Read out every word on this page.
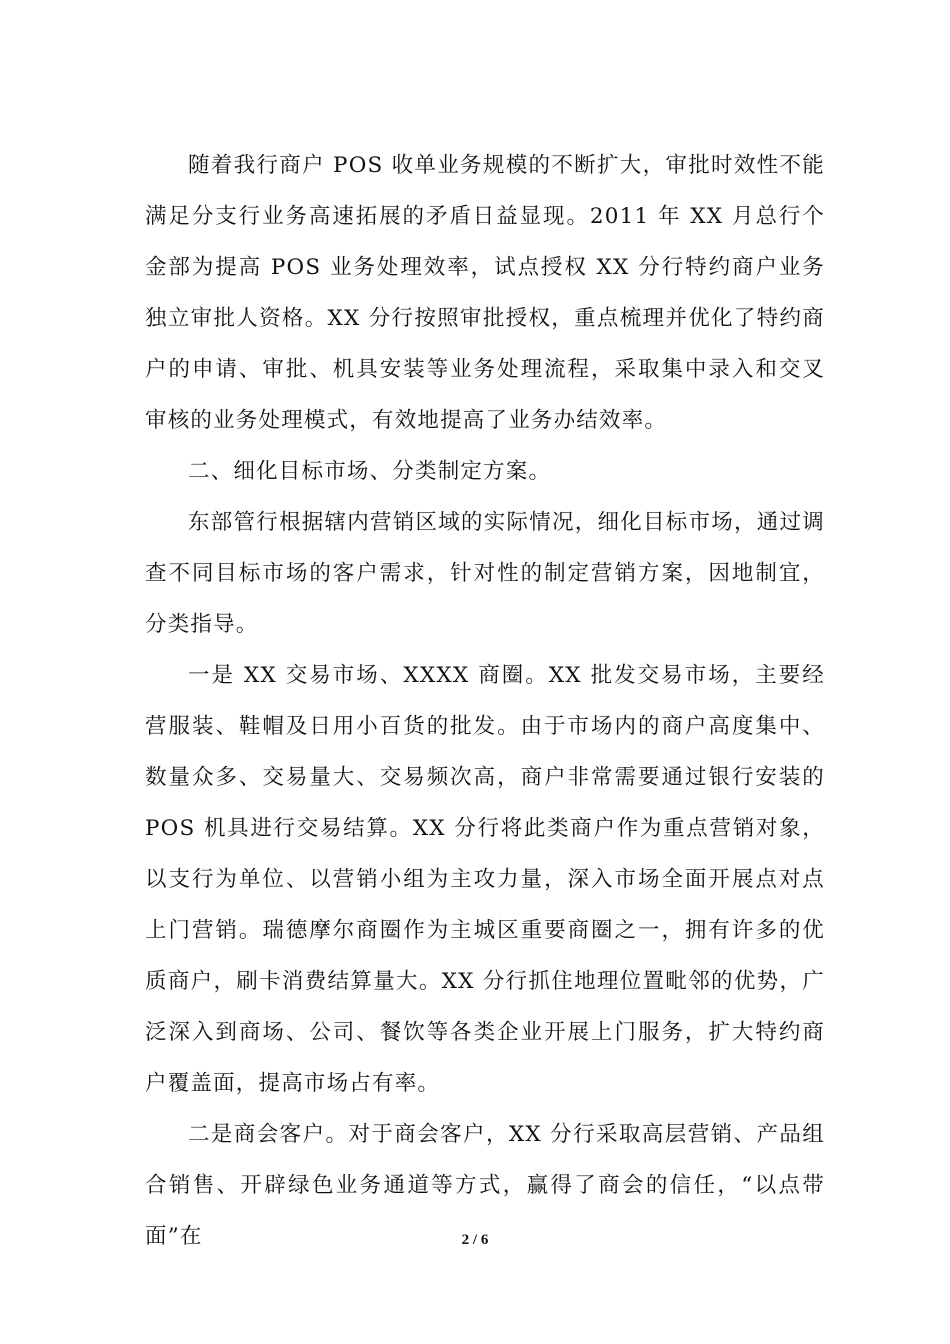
随着我行商户 POS 收单业务规模的不断扩大，审批时效性不能满足分支行业务高速拓展的矛盾日益显现。2011 年 XX 月总行个金部为提高 POS 业务处理效率，试点授权 XX 分行特约商户业务独立审批人资格。XX 分行按照审批授权，重点梳理并优化了特约商户的申请、审批、机具安装等业务处理流程，采取集中录入和交叉审核的业务处理模式，有效地提高了业务办结效率。

二、细化目标市场、分类制定方案。

东部管行根据辖内营销区域的实际情况，细化目标市场，通过调查不同目标市场的客户需求，针对性的制定营销方案，因地制宜，分类指导。

一是 XX 交易市场、XXXX 商圈。XX 批发交易市场，主要经营服装、鞋帽及日用小百货的批发。由于市场内的商户高度集中、数量众多、交易量大、交易频次高，商户非常需要通过银行安装的 POS 机具进行交易结算。XX 分行将此类商户作为重点营销对象，以支行为单位、以营销小组为主攻力量，深入市场全面开展点对点上门营销。瑞德摩尔商圈作为主城区重要商圈之一，拥有许多的优质商户，刷卡消费结算量大。XX 分行抓住地理位置毗邻的优势，广泛深入到商场、公司、餐饮等各类企业开展上门服务，扩大特约商户覆盖面，提高市场占有率。

二是商会客户。对于商会客户，XX 分行采取高层营销、产品组合销售、开辟绿色业务通道等方式，赢得了商会的信任，“以点带面”在	2 / 6
